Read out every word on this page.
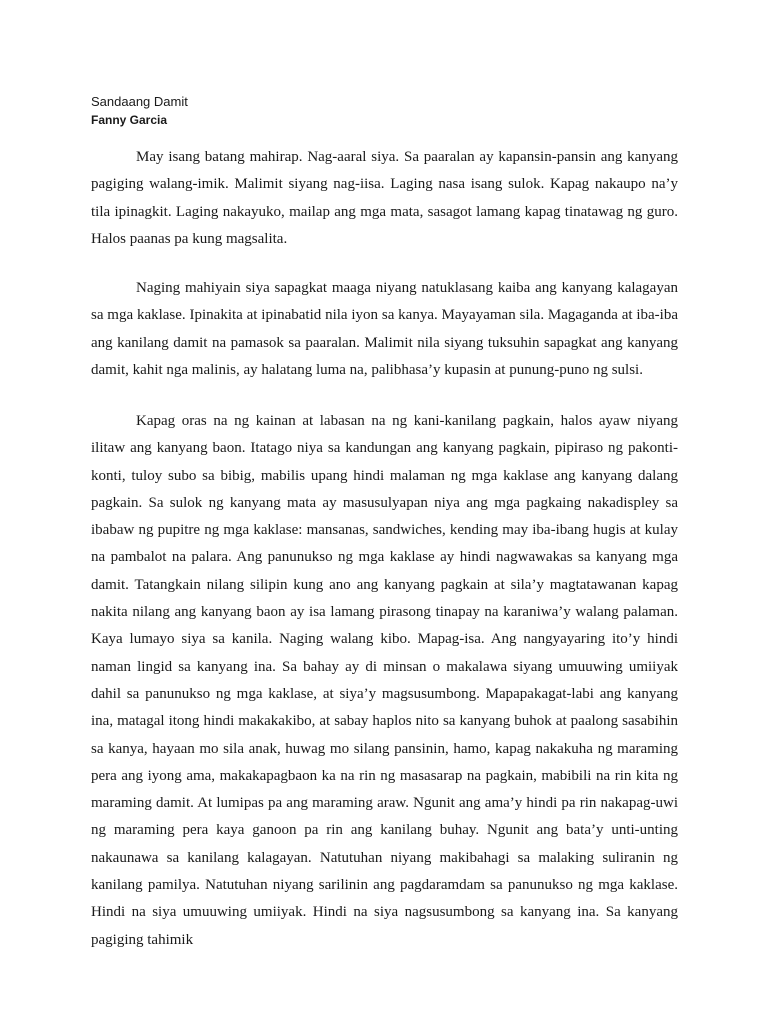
Sandaang Damit
Fanny Garcia

May isang batang mahirap. Nag-aaral siya. Sa paaralan ay kapansin-pansin ang kanyang pagiging walang-imik. Malimit siyang nag-iisa. Laging nasa isang sulok. Kapag nakaupo na’y tila ipinagkit. Laging nakayuko, mailap ang mga mata, sasagot lamang kapag tinatawag ng guro. Halos paanas pa kung magsalita.

Naging mahiyain siya sapagkat maaga niyang natuklasang kaiba ang kanyang kalagayan sa mga kaklase. Ipinakita at ipinabatid nila iyon sa kanya. Mayayaman sila. Magaganda at iba-iba ang kanilang damit na pamasok sa paaralan. Malimit nila siyang tuksuhin sapagkat ang kanyang damit, kahit nga malinis, ay halatang luma na, palibhasa’y kupasin at punung-puno ng sulsi.

Kapag oras na ng kainan at labasan na ng kani-kanilang pagkain, halos ayaw niyang ilitaw ang kanyang baon. Itatago niya sa kandungan ang kanyang pagkain, pipiraso ng pakonti-konti, tuloy subo sa bibig, mabilis upang hindi malaman ng mga kaklase ang kanyang dalang pagkain. Sa sulok ng kanyang mata ay masusulyapan niya ang mga pagkaing nakadispley sa ibabaw ng pupitre ng mga kaklase: mansanas, sandwiches, kending may iba-ibang hugis at kulay na pambalot na palara. Ang panunukso ng mga kaklase ay hindi nagwawakas sa kanyang mga damit. Tatangkain nilang silipin kung ano ang kanyang pagkain at sila’y magtatawanan kapag nakita nilang ang kanyang baon ay isa lamang pirasong tinapay na karaniwa’y walang palaman. Kaya lumayo siya sa kanila. Naging walang kibo. Mapag-isa. Ang nangyayaring ito’y hindi naman lingid sa kanyang ina. Sa bahay ay di minsan o makalawa siyang umuuwing umiiyak dahil sa panunukso ng mga kaklase, at siya’y magsusumbong. Mapapakagat-labi ang kanyang ina, matagal itong hindi makakakibo, at sabay haplos nito sa kanyang buhok at paalong sasabihin sa kanya, hayaan mo sila anak, huwag mo silang pansinin, hamo, kapag nakakuha ng maraming pera ang iyong ama, makakapagbaon ka na rin ng masasarap na pagkain, mabibili na rin kita ng maraming damit. At lumipas pa ang maraming araw. Ngunit ang ama’y hindi pa rin nakapag-uwi ng maraming pera kaya ganoon pa rin ang kanilang buhay. Ngunit ang bata’y unti-unting nakaunawa sa kanilang kalagayan. Natutuhan niyang makibahagi sa malaking suliranin ng kanilang pamilya. Natutuhan niyang sarilinin ang pagdaramdam sa panunukso ng mga kaklase. Hindi na siya umuuwing umiiyak. Hindi na siya nagsusumbong sa kanyang ina. Sa kanyang pagiging tahimik
